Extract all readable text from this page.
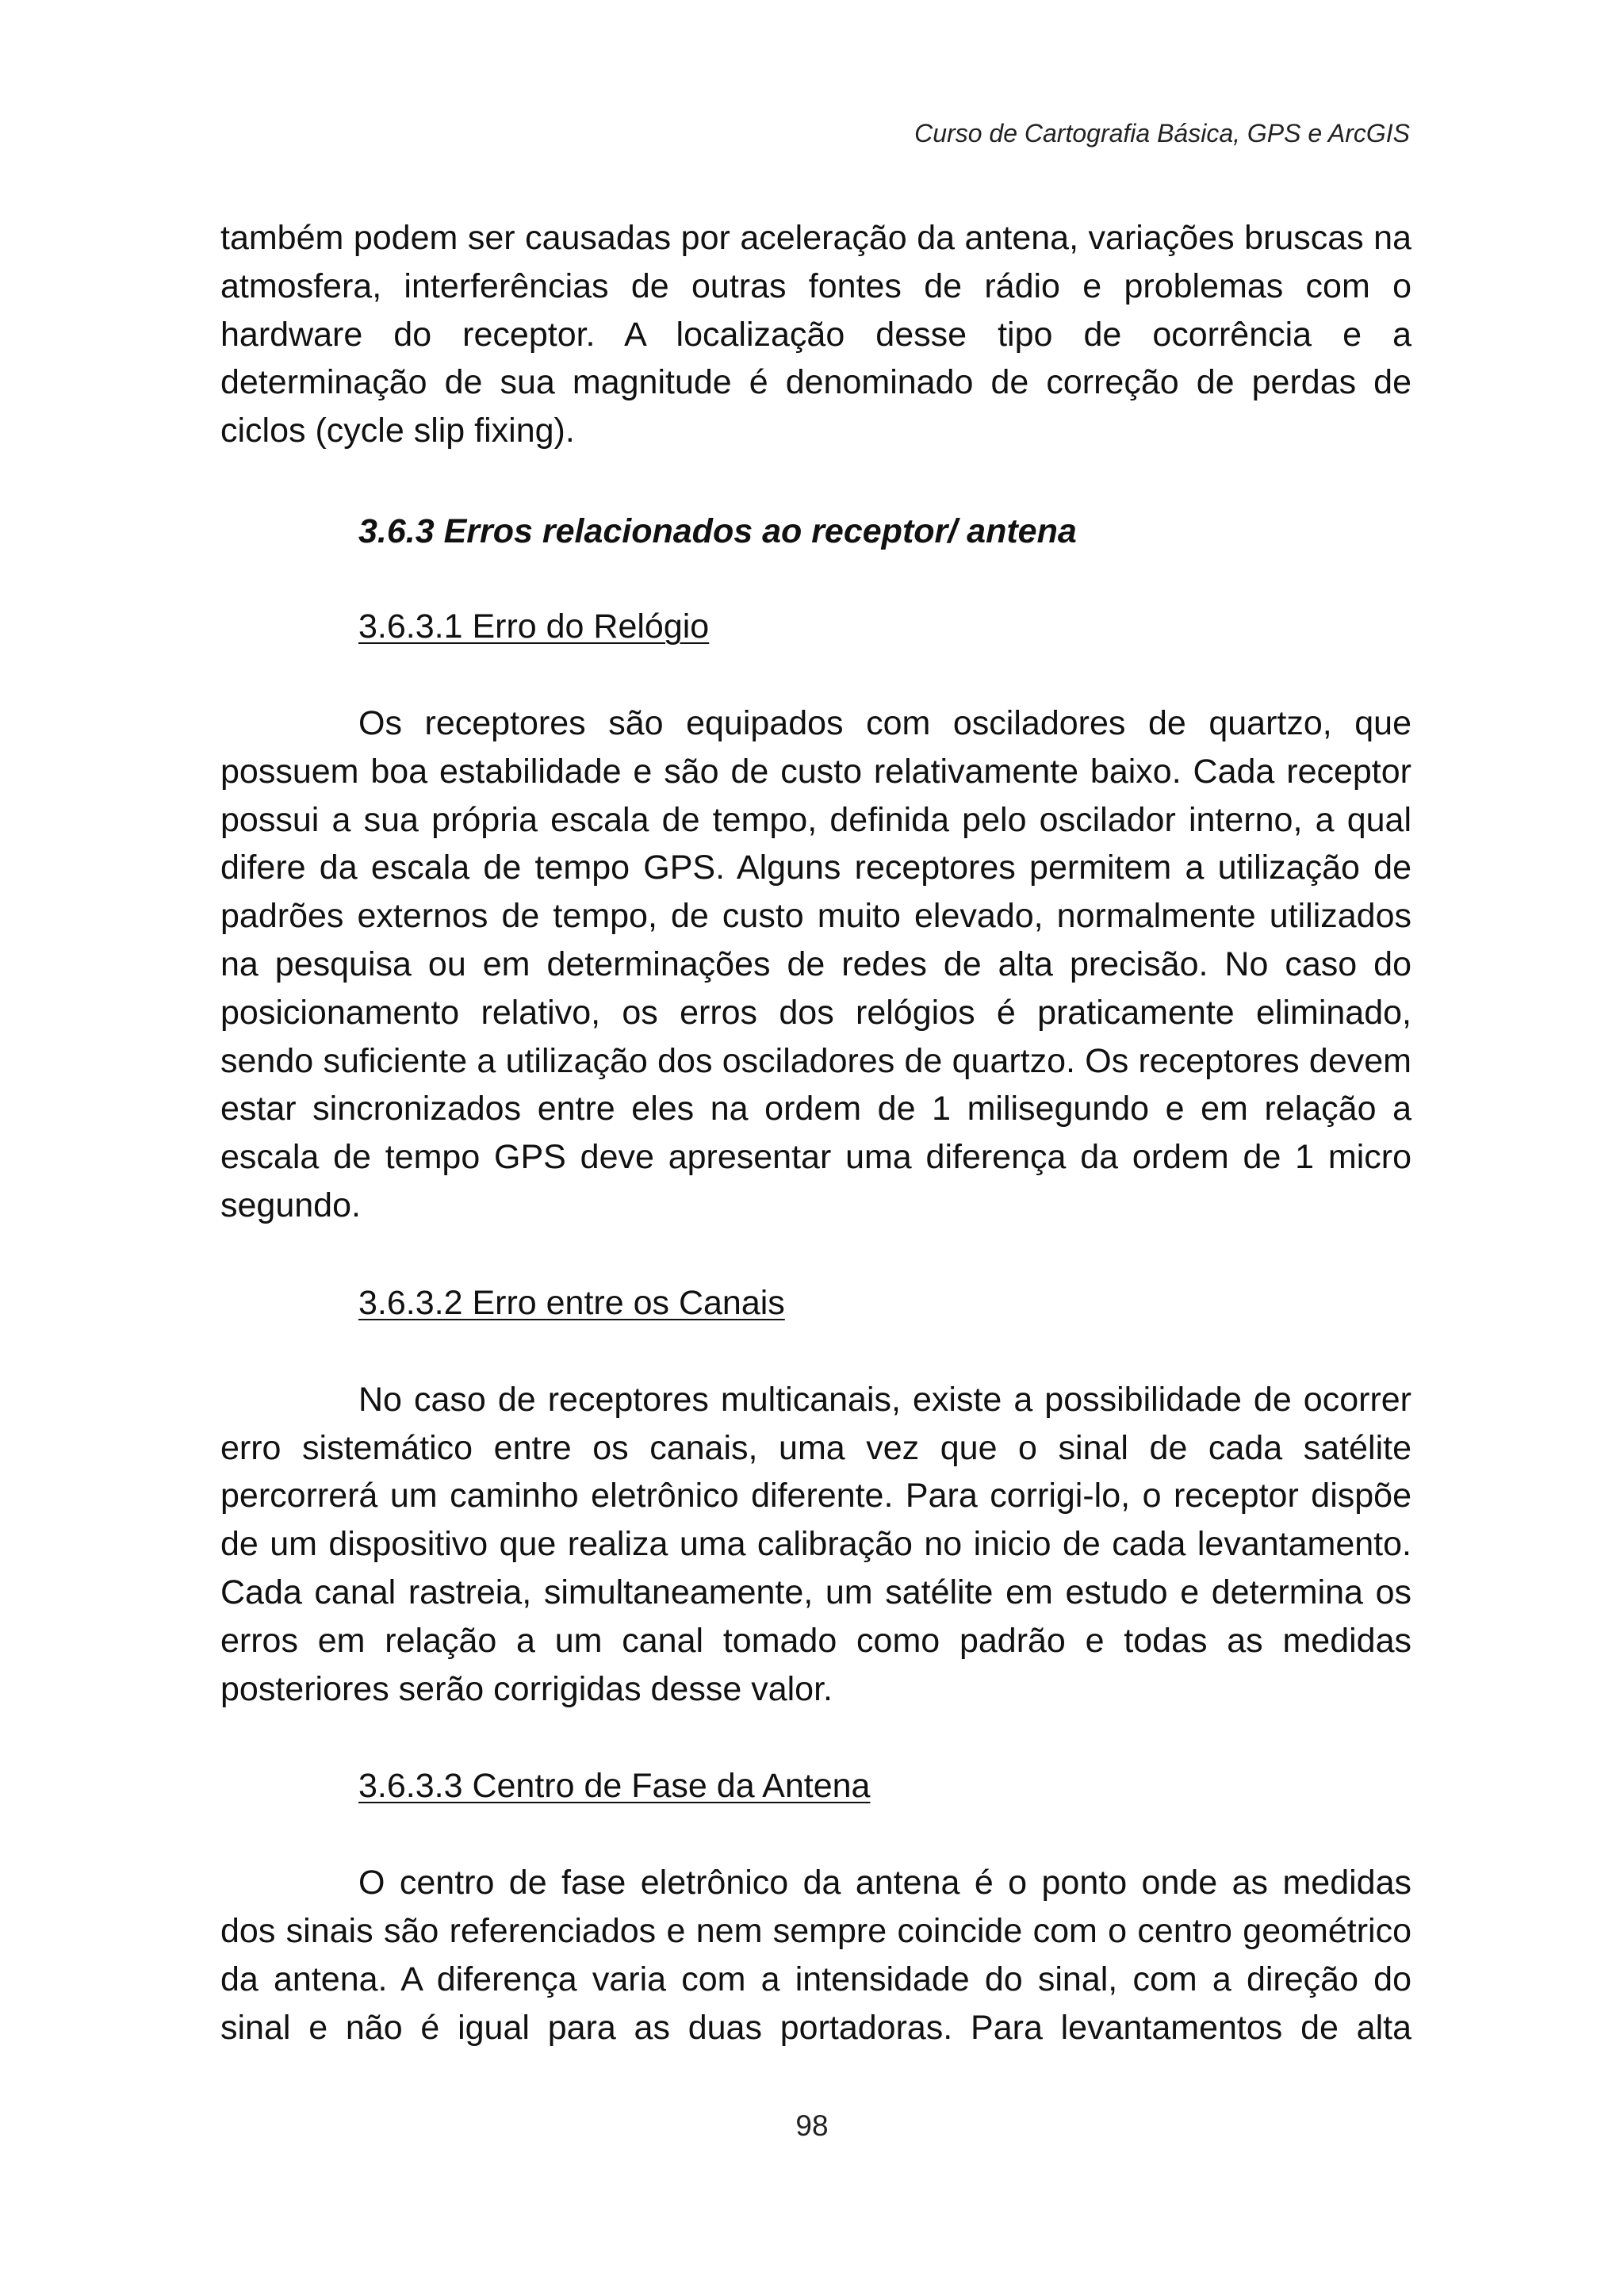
Curso de Cartografia Básica, GPS e ArcGIS

também podem ser causadas por aceleração da antena, variações bruscas na atmosfera, interferências de outras fontes de rádio e problemas com o hardware do receptor. A localização desse tipo de ocorrência e a determinação de sua magnitude é denominado de correção de perdas de ciclos (cycle slip fixing).

3.6.3 Erros relacionados ao receptor/ antena

3.6.3.1 Erro do Relógio

Os receptores são equipados com osciladores de quartzo, que possuem boa estabilidade e são de custo relativamente baixo. Cada receptor possui a sua própria escala de tempo, definida pelo oscilador interno, a qual difere da escala de tempo GPS. Alguns receptores permitem a utilização de padrões externos de tempo, de custo muito elevado, normalmente utilizados na pesquisa ou em determinações de redes de alta precisão. No caso do posicionamento relativo, os erros dos relógios é praticamente eliminado, sendo suficiente a utilização dos osciladores de quartzo. Os receptores devem estar sincronizados entre eles na ordem de 1 milisegundo e em relação a escala de tempo GPS deve apresentar uma diferença da ordem de 1 micro segundo.

3.6.3.2 Erro entre os Canais

No caso de receptores multicanais, existe a possibilidade de ocorrer erro sistemático entre os canais, uma vez que o sinal de cada satélite percorrerá um caminho eletrônico diferente. Para corrigi-lo, o receptor dispõe de um dispositivo que realiza uma calibração no inicio de cada levantamento. Cada canal rastreia, simultaneamente, um satélite em estudo e determina os erros em relação a um canal tomado como padrão e todas as medidas posteriores serão corrigidas desse valor.

3.6.3.3 Centro de Fase da Antena

O centro de fase eletrônico da antena é o ponto onde as medidas dos sinais são referenciados e nem sempre coincide com o centro geométrico da antena. A diferença varia com a intensidade do sinal, com a direção do sinal e não é igual para as duas portadoras. Para levantamentos de alta

98
